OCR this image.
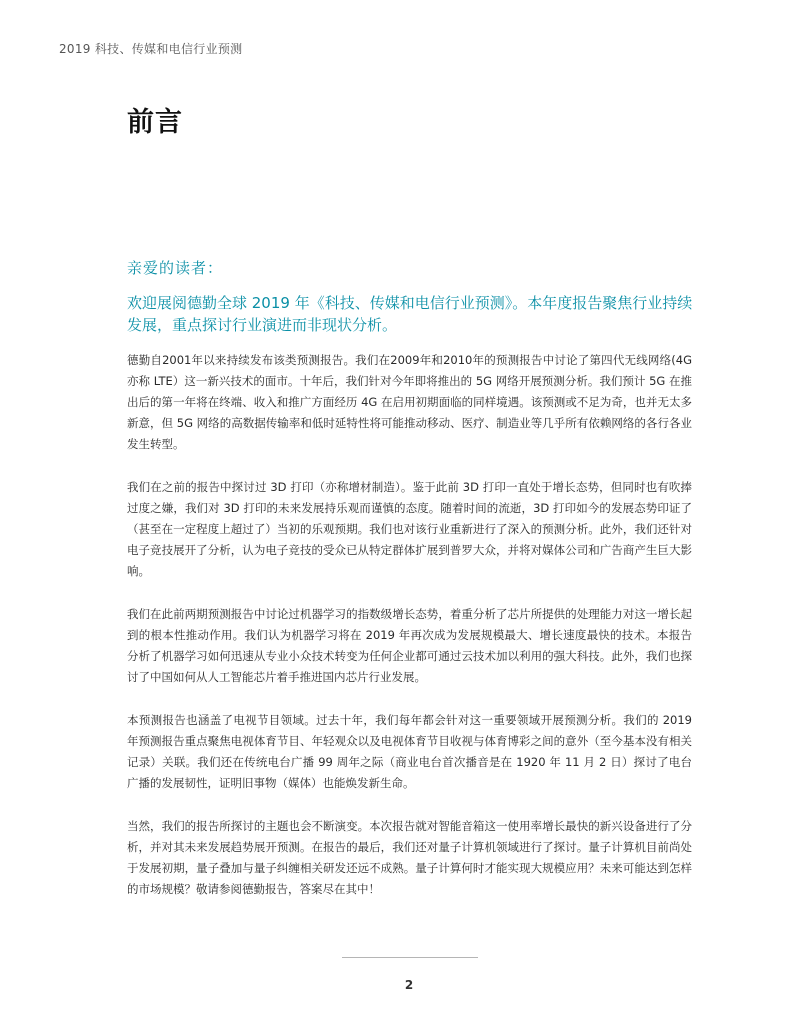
2019 科技、传媒和电信行业预测
前言

亲爱的读者：

欢迎展阅德勤全球 2019 年《科技、传媒和电信行业预测》。本年度报告聚焦行业持续发展，重点探讨行业演进而非现状分析。

德勤自2001年以来持续发布该类预测报告。我们在2009年和2010年的预测报告中讨论了第四代无线网络(4G亦称 LTE）这一新兴技术的面市。十年后，我们针对今年即将推出的 5G 网络开展预测分析。我们预计 5G 在推出后的第一年将在终端、收入和推广方面经历 4G 在启用初期面临的同样境遇。该预测或不足为奇，也并无太多新意，但 5G 网络的高数据传输率和低时延特性将可能推动移动、医疗、制造业等几乎所有依赖网络的各行各业发生转型。

我们在之前的报告中探讨过 3D 打印（亦称增材制造）。鉴于此前 3D 打印一直处于增长态势，但同时也有吹捧过度之嫌，我们对 3D 打印的未来发展持乐观而谨慎的态度。随着时间的流逝，3D 打印如今的发展态势印证了（甚至在一定程度上超过了）当初的乐观预期。我们也对该行业重新进行了深入的预测分析。此外，我们还针对电子竞技展开了分析，认为电子竞技的受众已从特定群体扩展到普罗大众，并将对媒体公司和广告商产生巨大影响。

我们在此前两期预测报告中讨论过机器学习的指数级增长态势，着重分析了芯片所提供的处理能力对这一增长起到的根本性推动作用。我们认为机器学习将在 2019 年再次成为发展规模最大、增长速度最快的技术。本报告分析了机器学习如何迅速从专业小众技术转变为任何企业都可通过云技术加以利用的强大科技。此外，我们也探讨了中国如何从人工智能芯片着手推进国内芯片行业发展。

本预测报告也涵盖了电视节目领域。过去十年，我们每年都会针对这一重要领域开展预测分析。我们的 2019 年预测报告重点聚焦电视体育节目、年轻观众以及电视体育节目收视与体育博彩之间的意外（至今基本没有相关记录）关联。我们还在传统电台广播 99 周年之际（商业电台首次播音是在 1920 年 11 月 2 日）探讨了电台广播的发展韧性，证明旧事物（媒体）也能焕发新生命。

当然，我们的报告所探讨的主题也会不断演变。本次报告就对智能音箱这一使用率增长最快的新兴设备进行了分析，并对其未来发展趋势展开预测。在报告的最后，我们还对量子计算机领域进行了探讨。量子计算机目前尚处于发展初期，量子叠加与量子纠缠相关研发还远不成熟。量子计算何时才能实现大规模应用？未来可能达到怎样的市场规模？敬请参阅德勤报告，答案尽在其中！

2
